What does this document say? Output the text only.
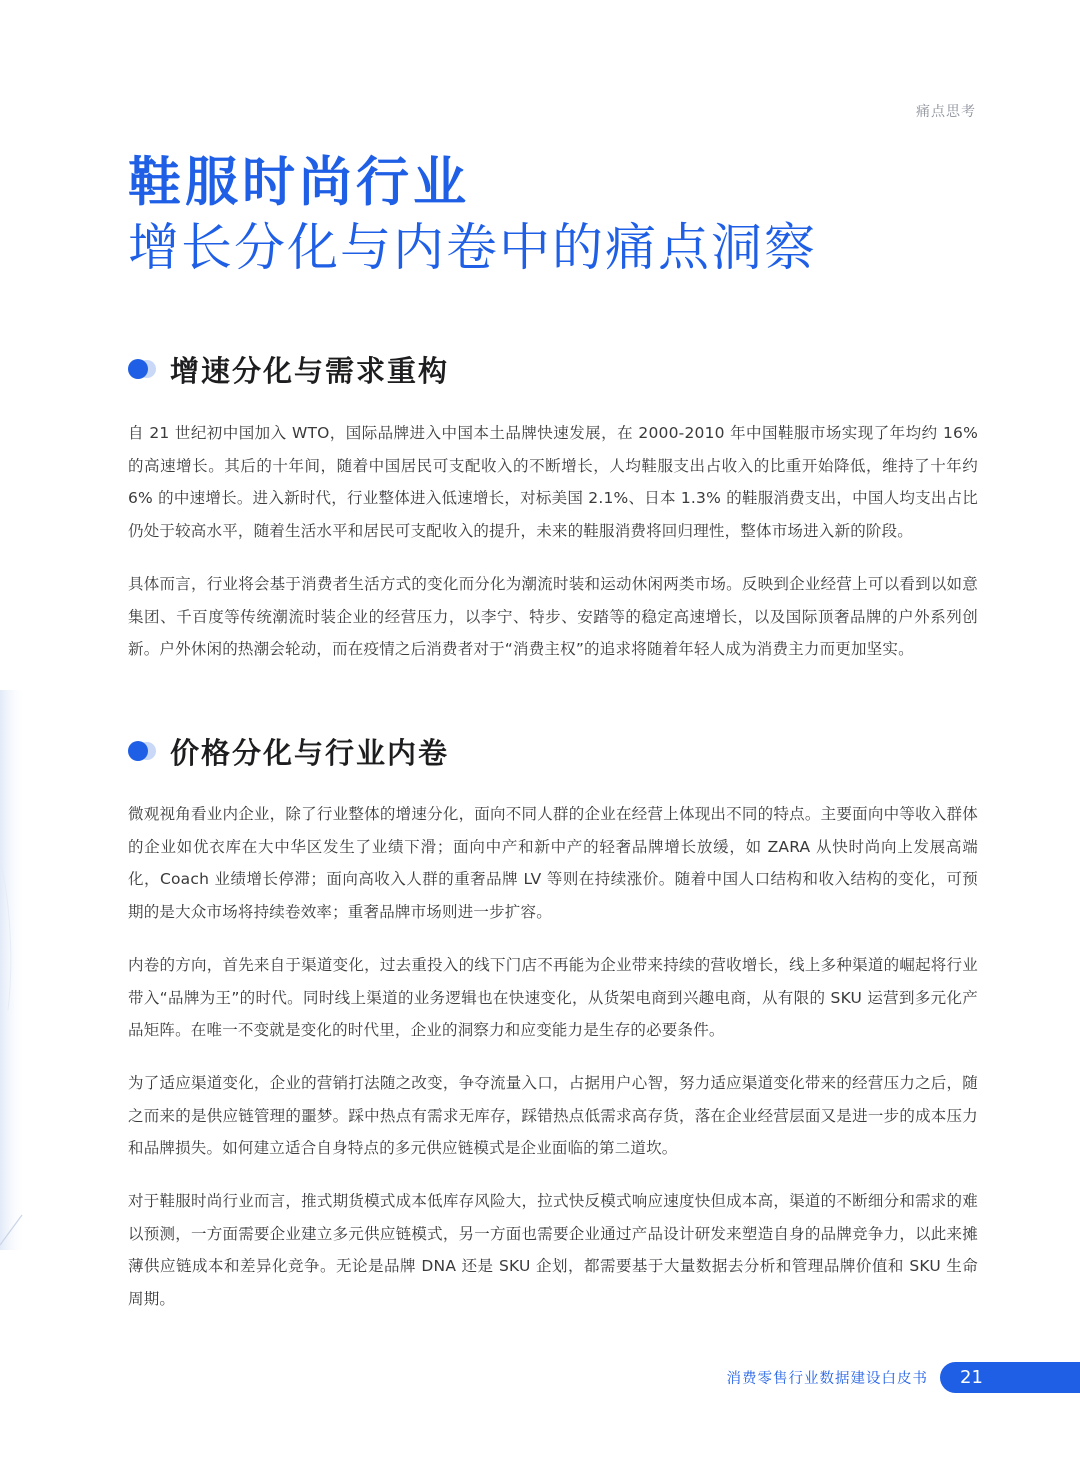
痛点思考
鞋服时尚行业
增长分化与内卷中的痛点洞察
增速分化与需求重构

自 21 世纪初中国加入 WTO，国际品牌进入中国本土品牌快速发展，在 2000-2010 年中国鞋服市场实现了年均约 16% 的高速增长。其后的十年间，随着中国居民可支配收入的不断增长，人均鞋服支出占收入的比重开始降低，维持了十年约 6% 的中速增长。进入新时代，行业整体进入低速增长，对标美国 2.1%、日本 1.3% 的鞋服消费支出，中国人均支出占比仍处于较高水平，随着生活水平和居民可支配收入的提升，未来的鞋服消费将回归理性，整体市场进入新的阶段。

具体而言，行业将会基于消费者生活方式的变化而分化为潮流时装和运动休闲两类市场。反映到企业经营上可以看到以如意集团、千百度等传统潮流时装企业的经营压力，以李宁、特步、安踏等的稳定高速增长，以及国际顶奢品牌的户外系列创新。户外休闲的热潮会轮动，而在疫情之后消费者对于“消费主权”的追求将随着年轻人成为消费主力而更加坚实。

价格分化与行业内卷

微观视角看业内企业，除了行业整体的增速分化，面向不同人群的企业在经营上体现出不同的特点。主要面向中等收入群体的企业如优衣库在大中华区发生了业绩下滑；面向中产和新中产的轻奢品牌增长放缓，如 ZARA 从快时尚向上发展高端化，Coach 业绩增长停滞；面向高收入人群的重奢品牌 LV 等则在持续涨价。随着中国人口结构和收入结构的变化，可预期的是大众市场将持续卷效率；重奢品牌市场则进一步扩容。

内卷的方向，首先来自于渠道变化，过去重投入的线下门店不再能为企业带来持续的营收增长，线上多种渠道的崛起将行业带入“品牌为王”的时代。同时线上渠道的业务逻辑也在快速变化，从货架电商到兴趣电商，从有限的 SKU 运营到多元化产品矩阵。在唯一不变就是变化的时代里，企业的洞察力和应变能力是生存的必要条件。

为了适应渠道变化，企业的营销打法随之改变，争夺流量入口，占据用户心智，努力适应渠道变化带来的经营压力之后，随之而来的是供应链管理的噩梦。踩中热点有需求无库存，踩错热点低需求高存货，落在企业经营层面又是进一步的成本压力和品牌损失。如何建立适合自身特点的多元供应链模式是企业面临的第二道坎。

对于鞋服时尚行业而言，推式期货模式成本低库存风险大，拉式快反模式响应速度快但成本高，渠道的不断细分和需求的难以预测，一方面需要企业建立多元供应链模式，另一方面也需要企业通过产品设计研发来塑造自身的品牌竞争力，以此来摊薄供应链成本和差异化竞争。无论是品牌 DNA 还是 SKU 企划，都需要基于大量数据去分析和管理品牌价值和 SKU 生命周期。

消费零售行业数据建设白皮书	21
